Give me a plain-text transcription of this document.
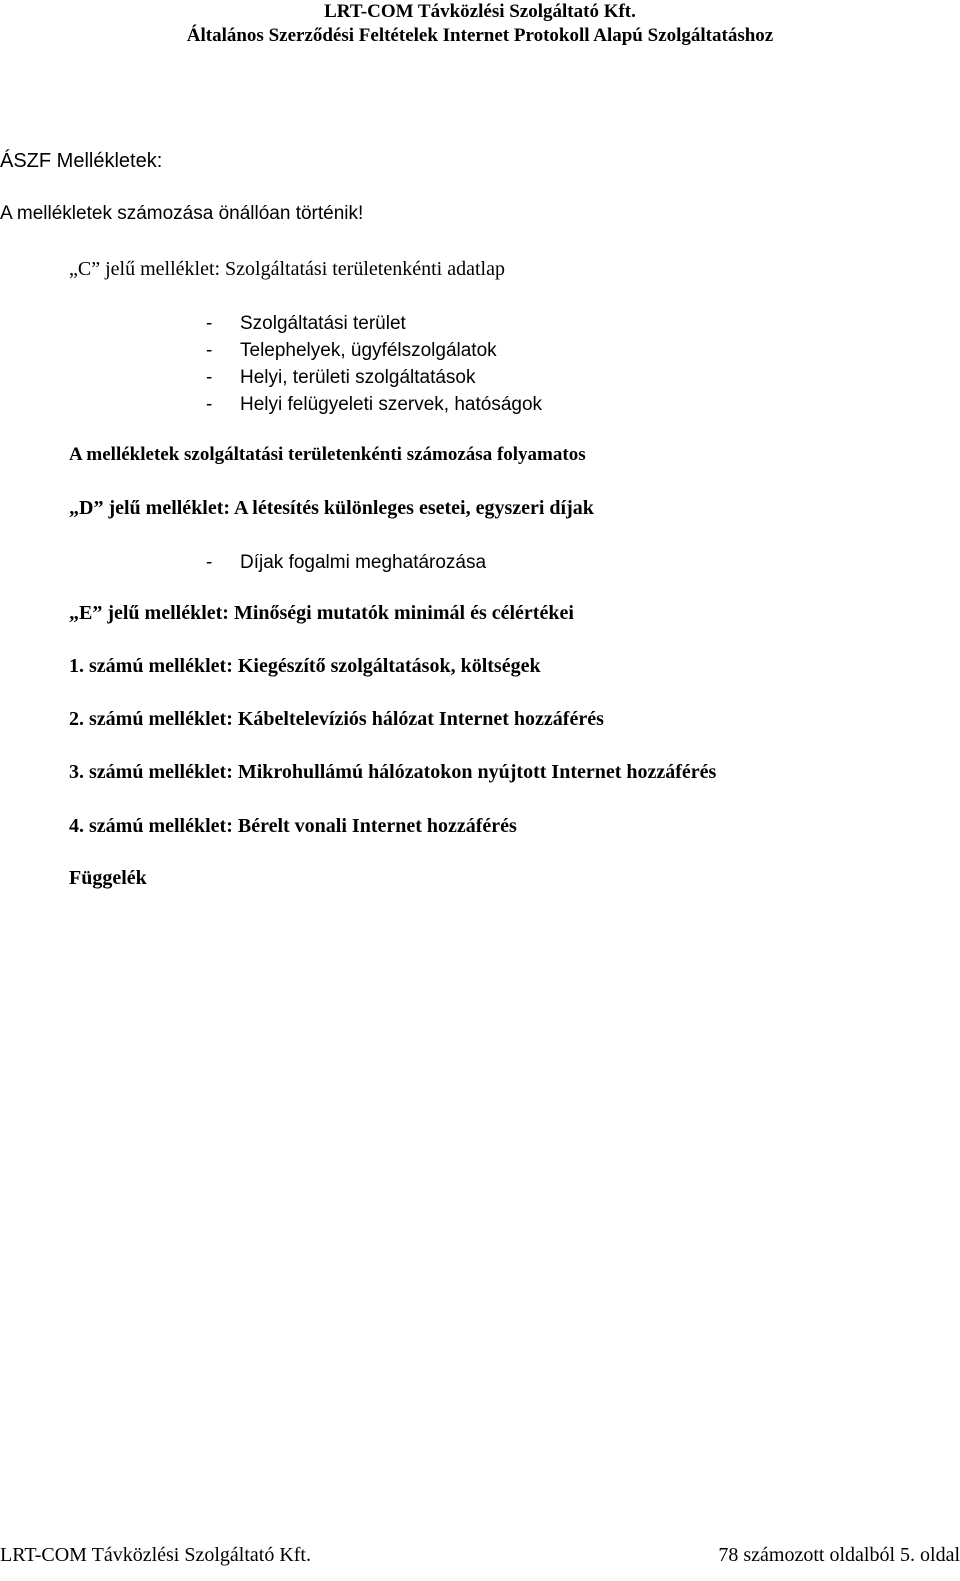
LRT-COM Távközlési Szolgáltató Kft.
Általános Szerződési Feltételek Internet Protokoll Alapú Szolgáltatáshoz
ÁSZF Mellékletek:
A mellékletek számozása önállóan történik!
„C” jelű melléklet: Szolgáltatási területenkénti adatlap
- Szolgáltatási terület
- Telephelyek, ügyfélszolgálatok
- Helyi, területi szolgáltatások
- Helyi felügyeleti szervek, hatóságok
A mellékletek szolgáltatási területenkénti számozása folyamatos
„D” jelű melléklet: A létesítés különleges esetei, egyszeri díjak
- Díjak fogalmi meghatározása
„E” jelű melléklet: Minőségi mutatók minimál és célértékei
1. számú melléklet: Kiegészítő szolgáltatások, költségek
2. számú melléklet: Kábeltelevíziós hálózat Internet hozzáférés
3. számú melléklet: Mikrohullámú hálózatokon nyújtott Internet hozzáférés
4. számú melléklet: Bérelt vonali Internet hozzáférés
Függelék
LRT-COM Távközlési Szolgáltató Kft.	78 számozott oldalból 5. oldal
